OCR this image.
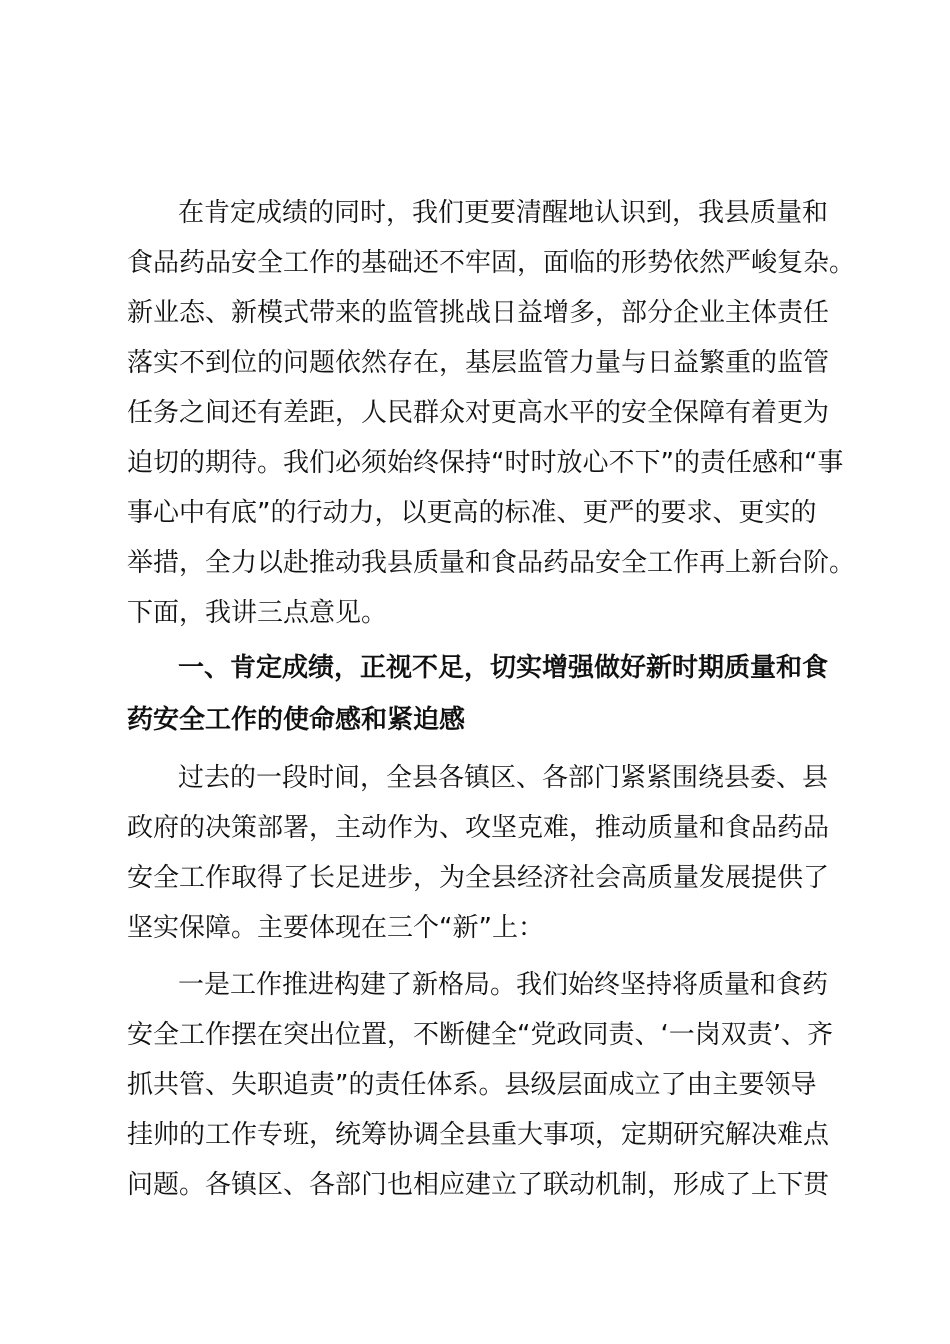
在肯定成绩的同时，我们更要清醒地认识到，我县质量和
食品药品安全工作的基础还不牢固，面临的形势依然严峻复杂。
新业态、新模式带来的监管挑战日益增多，部分企业主体责任
落实不到位的问题依然存在，基层监管力量与日益繁重的监管
任务之间还有差距，人民群众对更高水平的安全保障有着更为
迫切的期待。我们必须始终保持“时时放心不下”的责任感和“事
事心中有底”的行动力，以更高的标准、更严的要求、更实的
举措，全力以赴推动我县质量和食品药品安全工作再上新台阶。
下面，我讲三点意见。
一、肯定成绩，正视不足，切实增强做好新时期质量和食
药安全工作的使命感和紧迫感
过去的一段时间，全县各镇区、各部门紧紧围绕县委、县
政府的决策部署，主动作为、攻坚克难，推动质量和食品药品
安全工作取得了长足进步，为全县经济社会高质量发展提供了
坚实保障。主要体现在三个“新”上：
一是工作推进构建了新格局。我们始终坚持将质量和食药
安全工作摆在突出位置，不断健全“党政同责、‘一岗双责’、齐
抓共管、失职追责”的责任体系。县级层面成立了由主要领导
挂帅的工作专班，统筹协调全县重大事项，定期研究解决难点
问题。各镇区、各部门也相应建立了联动机制，形成了上下贯
